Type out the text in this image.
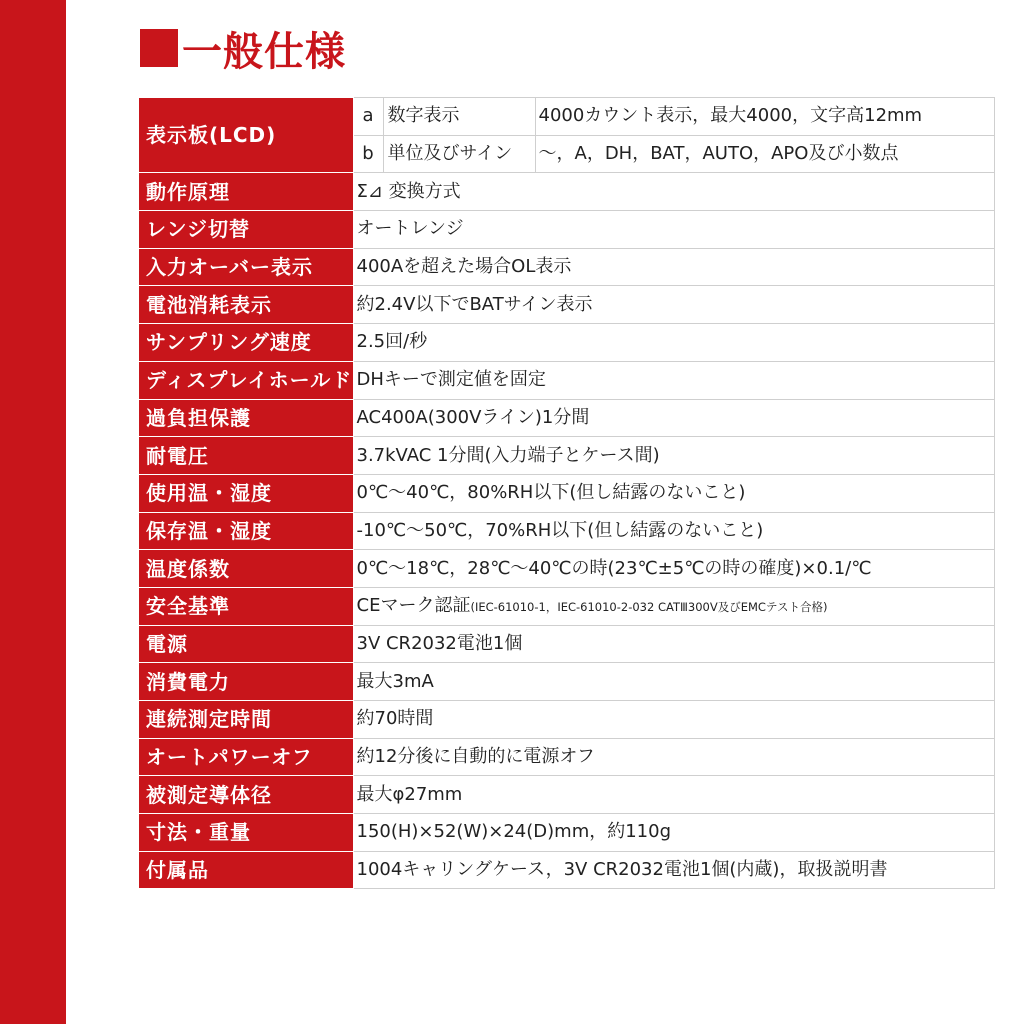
一般仕様
表示板(LCD)	a	数字表示	4000カウント表示，最大4000，文字高12mm
	b	単位及びサイン	〜，A，DH，BAT，AUTO，APO及び小数点
動作原理	Σ⊿ 変換方式		
レンジ切替	オートレンジ		
入力オーバー表示	400Aを超えた場合OL表示		
電池消耗表示	約2.4V以下でBATサイン表示		
サンプリング速度	2.5回/秒		
ディスプレイホールド	DHキーで測定値を固定		
過負担保護	AC400A(300Vライン)1分間		
耐電圧	3.7kVAC 1分間(入力端子とケース間)		
使用温・湿度	0℃〜40℃，80%RH以下(但し結露のないこと)		
保存温・湿度	-10℃〜50℃，70%RH以下(但し結露のないこと)		
温度係数	0℃〜18℃，28℃〜40℃の時(23℃±5℃の時の確度)×0.1/℃		
安全基準	CEマーク認証(IEC-61010-1，IEC-61010-2-032 CATⅢ300V及びEMCテスト合格)		
電源	3V CR2032電池1個		
消費電力	最大3mA		
連続測定時間	約70時間		
オートパワーオフ	約12分後に自動的に電源オフ		
被測定導体径	最大φ27mm		
寸法・重量	150(H)×52(W)×24(D)mm，約110g		
付属品	1004キャリングケース，3V CR2032電池1個(内蔵)，取扱説明書		
